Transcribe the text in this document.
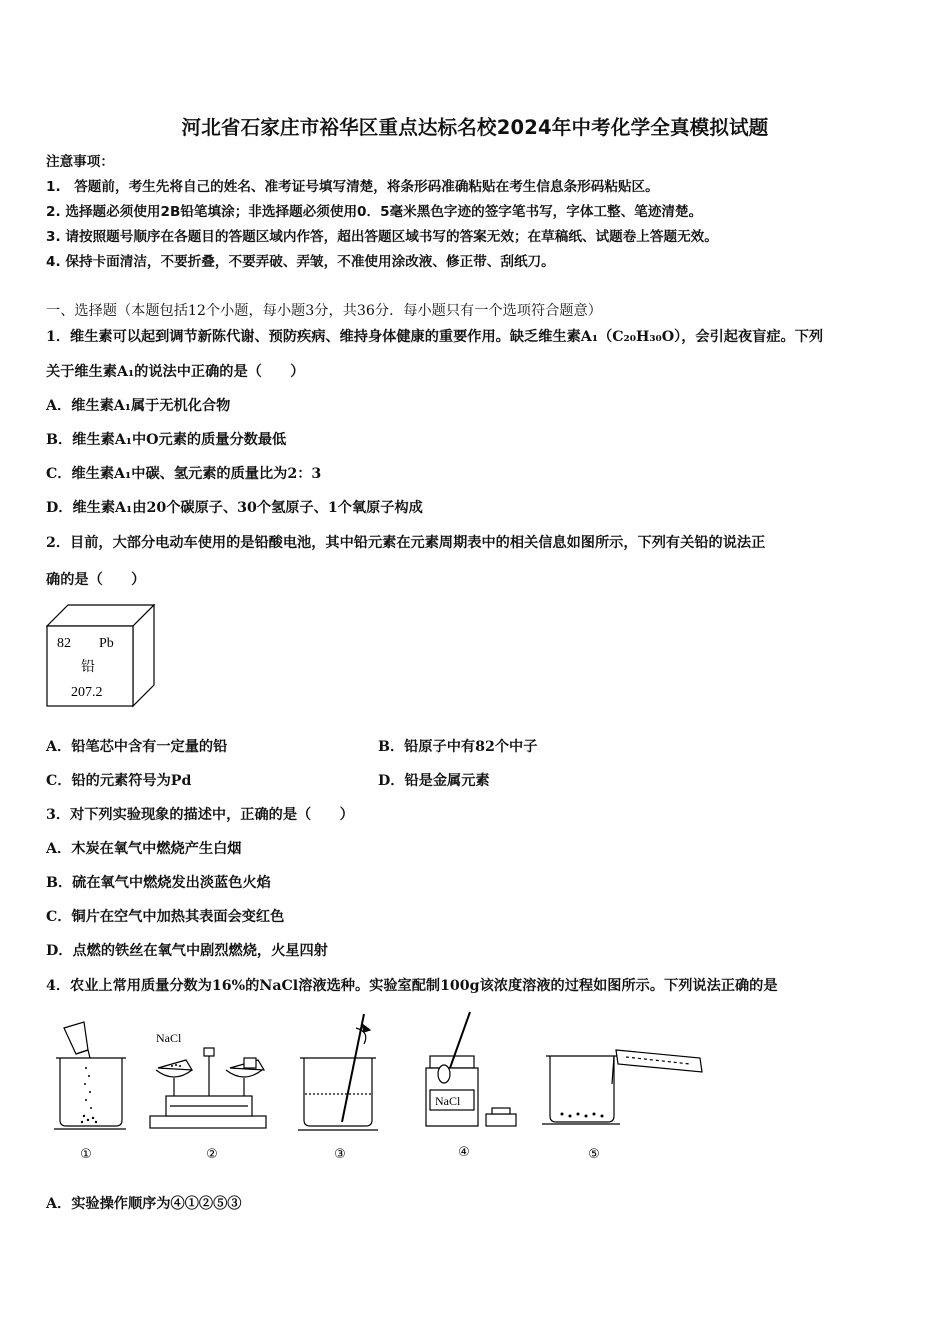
河北省石家庄市裕华区重点达标名校2024年中考化学全真模拟试题
注意事项：
1.　答题前，考生先将自己的姓名、准考证号填写清楚，将条形码准确粘贴在考生信息条形码粘贴区。
2. 选择题必须使用2B铅笔填涂；非选择题必须使用0．5毫米黑色字迹的签字笔书写，字体工整、笔迹清楚。
3. 请按照题号顺序在各题目的答题区域内作答，超出答题区域书写的答案无效；在草稿纸、试题卷上答题无效。
4. 保持卡面清洁，不要折叠，不要弄破、弄皱，不准使用涂改液、修正带、刮纸刀。
一、选择题（本题包括12个小题，每小题3分，共36分．每小题只有一个选项符合题意）
1．维生素可以起到调节新陈代谢、预防疾病、维持身体健康的重要作用。缺乏维生素A₁（C₂₀H₃₀O），会引起夜盲症。下列
关于维生素A₁的说法中正确的是（　　）
A．维生素A₁属于无机化合物
B．维生素A₁中O元素的质量分数最低
C．维生素A₁中碳、氢元素的质量比为2：3
D．维生素A₁由20个碳原子、30个氢原子、1个氧原子构成
2．目前，大部分电动车使用的是铅酸电池，其中铅元素在元素周期表中的相关信息如图所示，下列有关铅的说法正
确的是（　　）
82 Pb
铅
207.2
A．铅笔芯中含有一定量的铅	B．铅原子中有82个中子
C．铅的元素符号为Pd	D．铅是金属元素
3．对下列实验现象的描述中，正确的是（　　）
A．木炭在氧气中燃烧产生白烟
B．硫在氧气中燃烧发出淡蓝色火焰
C．铜片在空气中加热其表面会变红色
D．点燃的铁丝在氧气中剧烈燃烧，火星四射
4．农业上常用质量分数为16%的NaCl溶液选种。实验室配制100g该浓度溶液的过程如图所示。下列说法正确的是
①
NaCl
②	③
NaCl
④	⑤
A．实验操作顺序为④①②⑤③
